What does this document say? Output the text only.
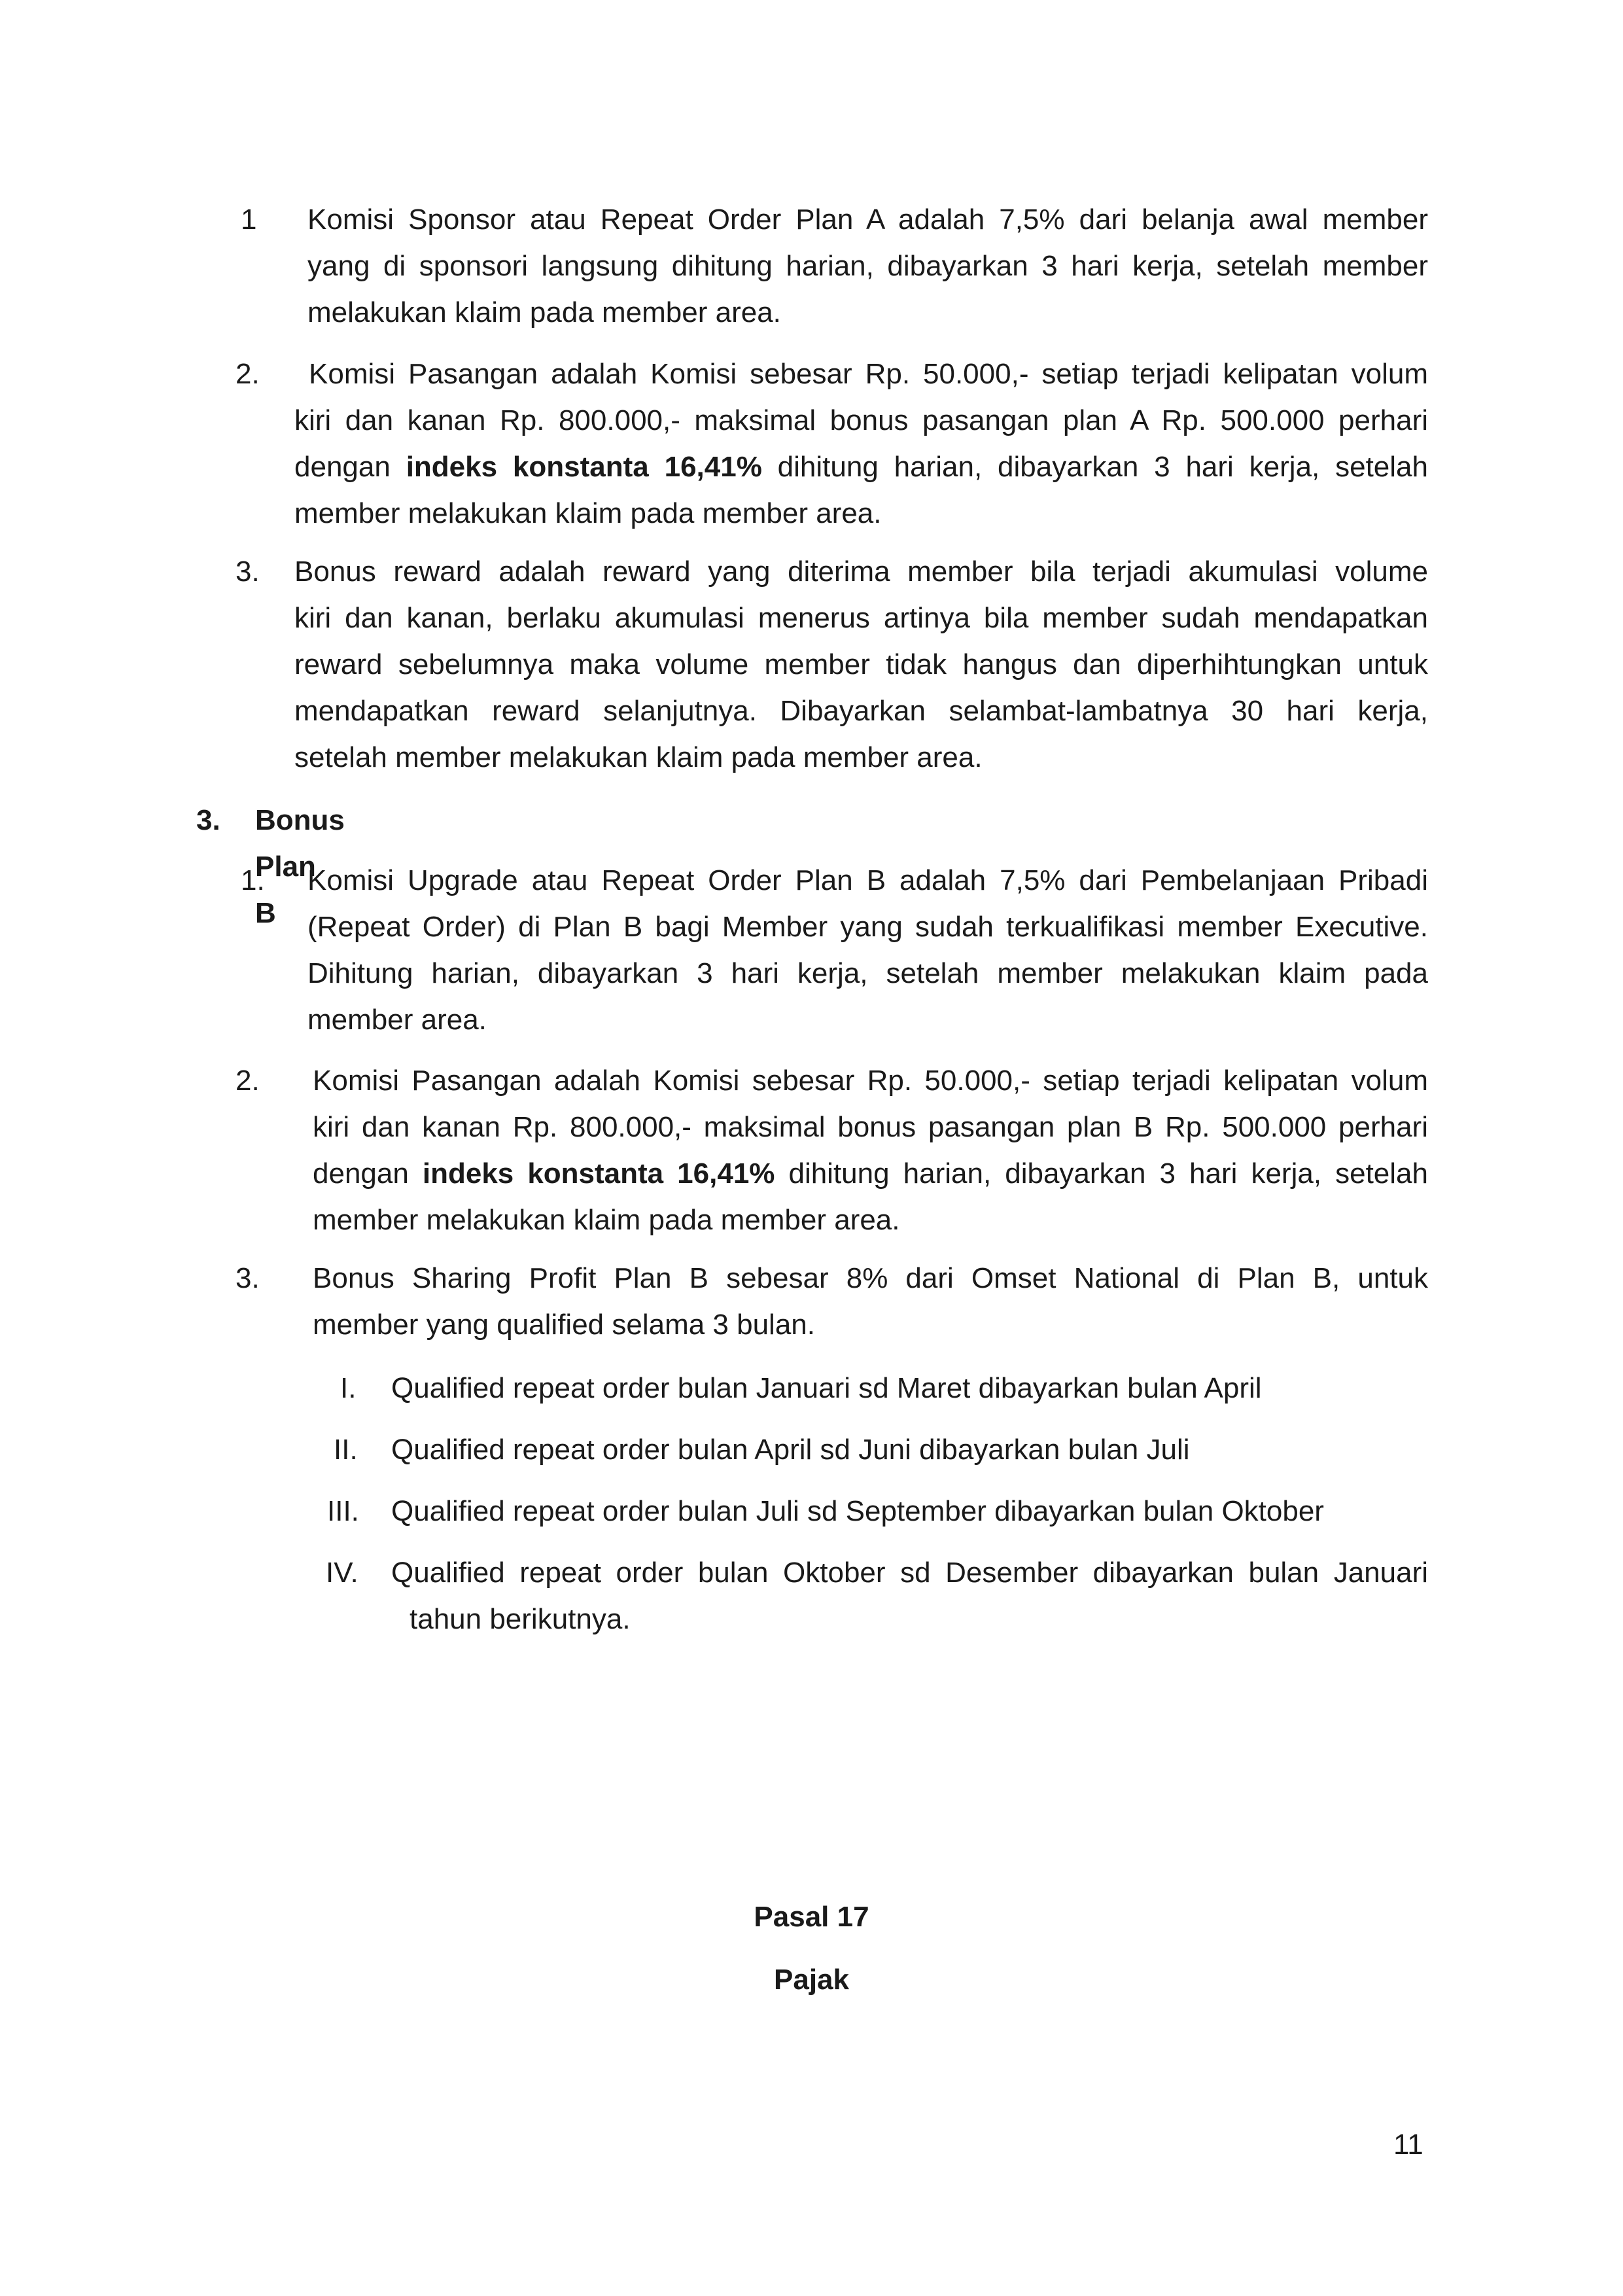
1 Komisi Sponsor atau Repeat Order Plan A adalah 7,5% dari belanja awal member
yang di sponsori langsung dihitung harian, dibayarkan 3 hari kerja, setelah member
melakukan klaim pada member area.
2.	Komisi Pasangan adalah Komisi sebesar Rp. 50.000,- setiap terjadi kelipatan volum
kiri dan kanan Rp. 800.000,- maksimal bonus pasangan plan A Rp. 500.000 perhari
dengan indeks konstanta 16,41% dihitung harian, dibayarkan 3 hari kerja, setelah
member melakukan klaim pada member area.
3. Bonus reward adalah reward yang diterima member bila terjadi akumulasi volume
kiri dan kanan, berlaku akumulasi menerus artinya bila member sudah mendapatkan
reward sebelumnya maka volume member tidak hangus dan diperhihtungkan untuk
mendapatkan reward selanjutnya. Dibayarkan selambat-lambatnya 30 hari kerja,
setelah member melakukan klaim pada member area.
3. Bonus Plan B
1. Komisi Upgrade atau Repeat Order Plan B adalah 7,5% dari Pembelanjaan Pribadi
(Repeat Order) di Plan B bagi Member yang sudah terkualifikasi member Executive.
Dihitung harian, dibayarkan 3 hari kerja, setelah member melakukan klaim pada
member area.
2. Komisi Pasangan adalah Komisi sebesar Rp. 50.000,- setiap terjadi kelipatan volum
kiri dan kanan Rp. 800.000,- maksimal bonus pasangan plan B Rp. 500.000 perhari
dengan indeks konstanta 16,41% dihitung harian, dibayarkan 3 hari kerja, setelah
member melakukan klaim pada member area.
3. Bonus Sharing Profit Plan B sebesar 8% dari Omset National di Plan B, untuk
member yang qualified selama 3 bulan.
I. Qualified repeat order bulan Januari sd Maret dibayarkan bulan April
II. Qualified repeat order bulan April sd Juni dibayarkan bulan Juli
III. Qualified repeat order bulan Juli sd September dibayarkan bulan Oktober
IV. Qualified repeat order bulan Oktober sd Desember dibayarkan bulan Januari
tahun berikutnya.
Pasal 17
Pajak
11
